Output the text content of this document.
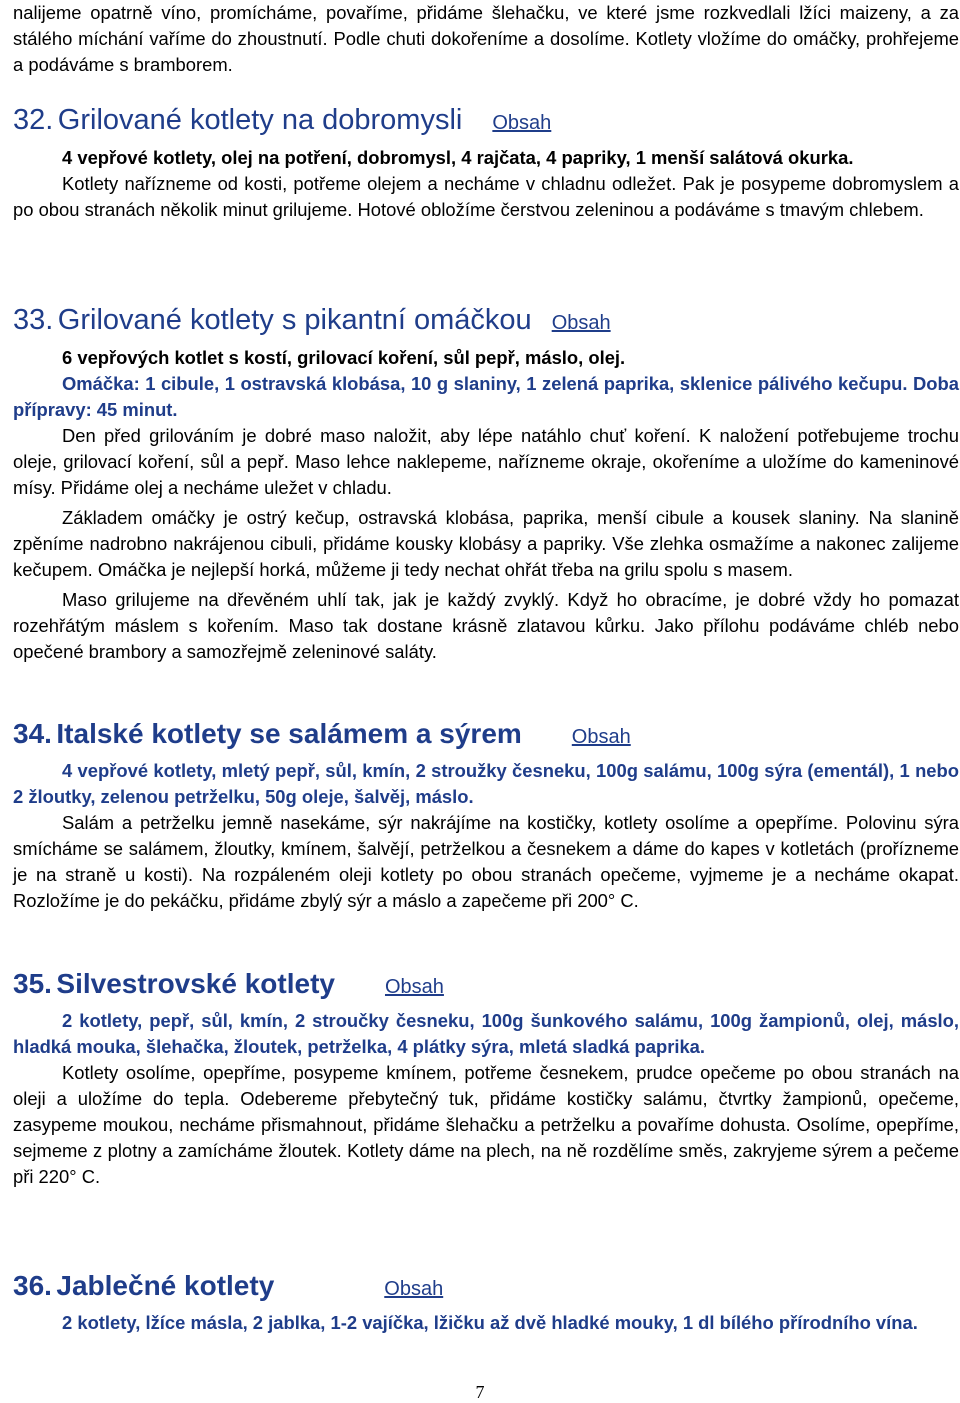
nalijeme opatrně víno, promícháme, povaříme, přidáme šlehačku, ve které jsme rozkvedlali lžíci maizeny, a za stálého míchání vaříme do zhoustnutí. Podle chuti dokořeníme a dosolíme. Kotlety vložíme do omáčky, prohřejeme a podáváme s bramborem.

32.
Grilované kotlety na dobromysli Obsah

4 vepřové kotlety, olej na potření, dobromysl, 4 rajčata, 4 papriky, 1 menší salátová okurka.

Kotlety nařízneme od kosti, potřeme olejem a necháme v chladnu odležet. Pak je posypeme dobromyslem a po obou stranách několik minut grilujeme. Hotové obložíme čerstvou zeleninou a podáváme s tmavým chlebem.

33.
Grilované kotlety s pikantní omáčkou Obsah

6 vepřových kotlet s kostí, grilovací koření, sůl pepř, máslo, olej.

Omáčka: 1 cibule, 1 ostravská klobása, 10 g slaniny, 1 zelená paprika, sklenice pálivého kečupu. Doba přípravy: 45 minut.

Den před grilováním je dobré maso naložit, aby lépe natáhlo chuť koření. K naložení potřebujeme trochu oleje, grilovací koření, sůl a pepř. Maso lehce naklepeme, nařízneme okraje, okořeníme a uložíme do kameninové mísy. Přidáme olej a necháme uležet v chladu.

Základem omáčky je ostrý kečup, ostravská klobása, paprika, menší cibule a kousek slaniny. Na slanině zpěníme nadrobno nakrájenou cibuli, přidáme kousky klobásy a papriky. Vše zlehka osmažíme a nakonec zalijeme kečupem. Omáčka je nejlepší horká, můžeme ji tedy nechat ohřát třeba na grilu spolu s masem.

Maso grilujeme na dřevěném uhlí tak, jak je každý zvyklý. Když ho obracíme, je dobré vždy ho pomazat rozehřátým máslem s kořením. Maso tak dostane krásně zlatavou kůrku. Jako přílohu podáváme chléb nebo opečené brambory a samozřejmě zeleninové saláty.

34.
Italské kotlety se salámem a sýrem	Obsah

4 vepřové kotlety, mletý pepř, sůl, kmín, 2 stroužky česneku, 100g salámu, 100g sýra (ementál), 1 nebo 2 žloutky, zelenou petrželku, 50g oleje, šalvěj, máslo.

Salám a petrželku jemně nasekáme, sýr nakrájíme na kostičky, kotlety osolíme a opepříme. Polovinu sýra smícháme se salámem, žloutky, kmínem, šalvějí, petrželkou a česnekem a dáme do kapes v kotletách (prořízneme je na straně u kosti). Na rozpáleném oleji kotlety po obou stranách opečeme, vyjmeme je a necháme okapat. Rozložíme je do pekáčku, přidáme zbylý sýr a máslo a zapečeme při 200° C.

35.
Silvestrovské kotlety	Obsah

2 kotlety, pepř, sůl, kmín, 2 stroučky česneku, 100g šunkového salámu, 100g žampionů, olej, máslo, hladká mouka, šlehačka, žloutek, petrželka, 4 plátky sýra, mletá sladká paprika.

Kotlety osolíme, opepříme, posypeme kmínem, potřeme česnekem, prudce opečeme po obou stranách na oleji a uložíme do tepla. Odebereme přebytečný tuk, přidáme kostičky salámu, čtvrtky žampionů, opečeme, zasypeme moukou, necháme přismahnout, přidáme šlehačku a petrželku a povaříme dohusta. Osolíme, opepříme, sejmeme z plotny a zamícháme žloutek. Kotlety dáme na plech, na ně rozdělíme směs, zakryjeme sýrem a pečeme při 220° C.

36.
Jablečné kotlety	Obsah

2 kotlety, lžíce másla, 2 jablka, 1-2 vajíčka, lžičku až dvě hladké mouky, 1 dl bílého přírodního vína.

7
